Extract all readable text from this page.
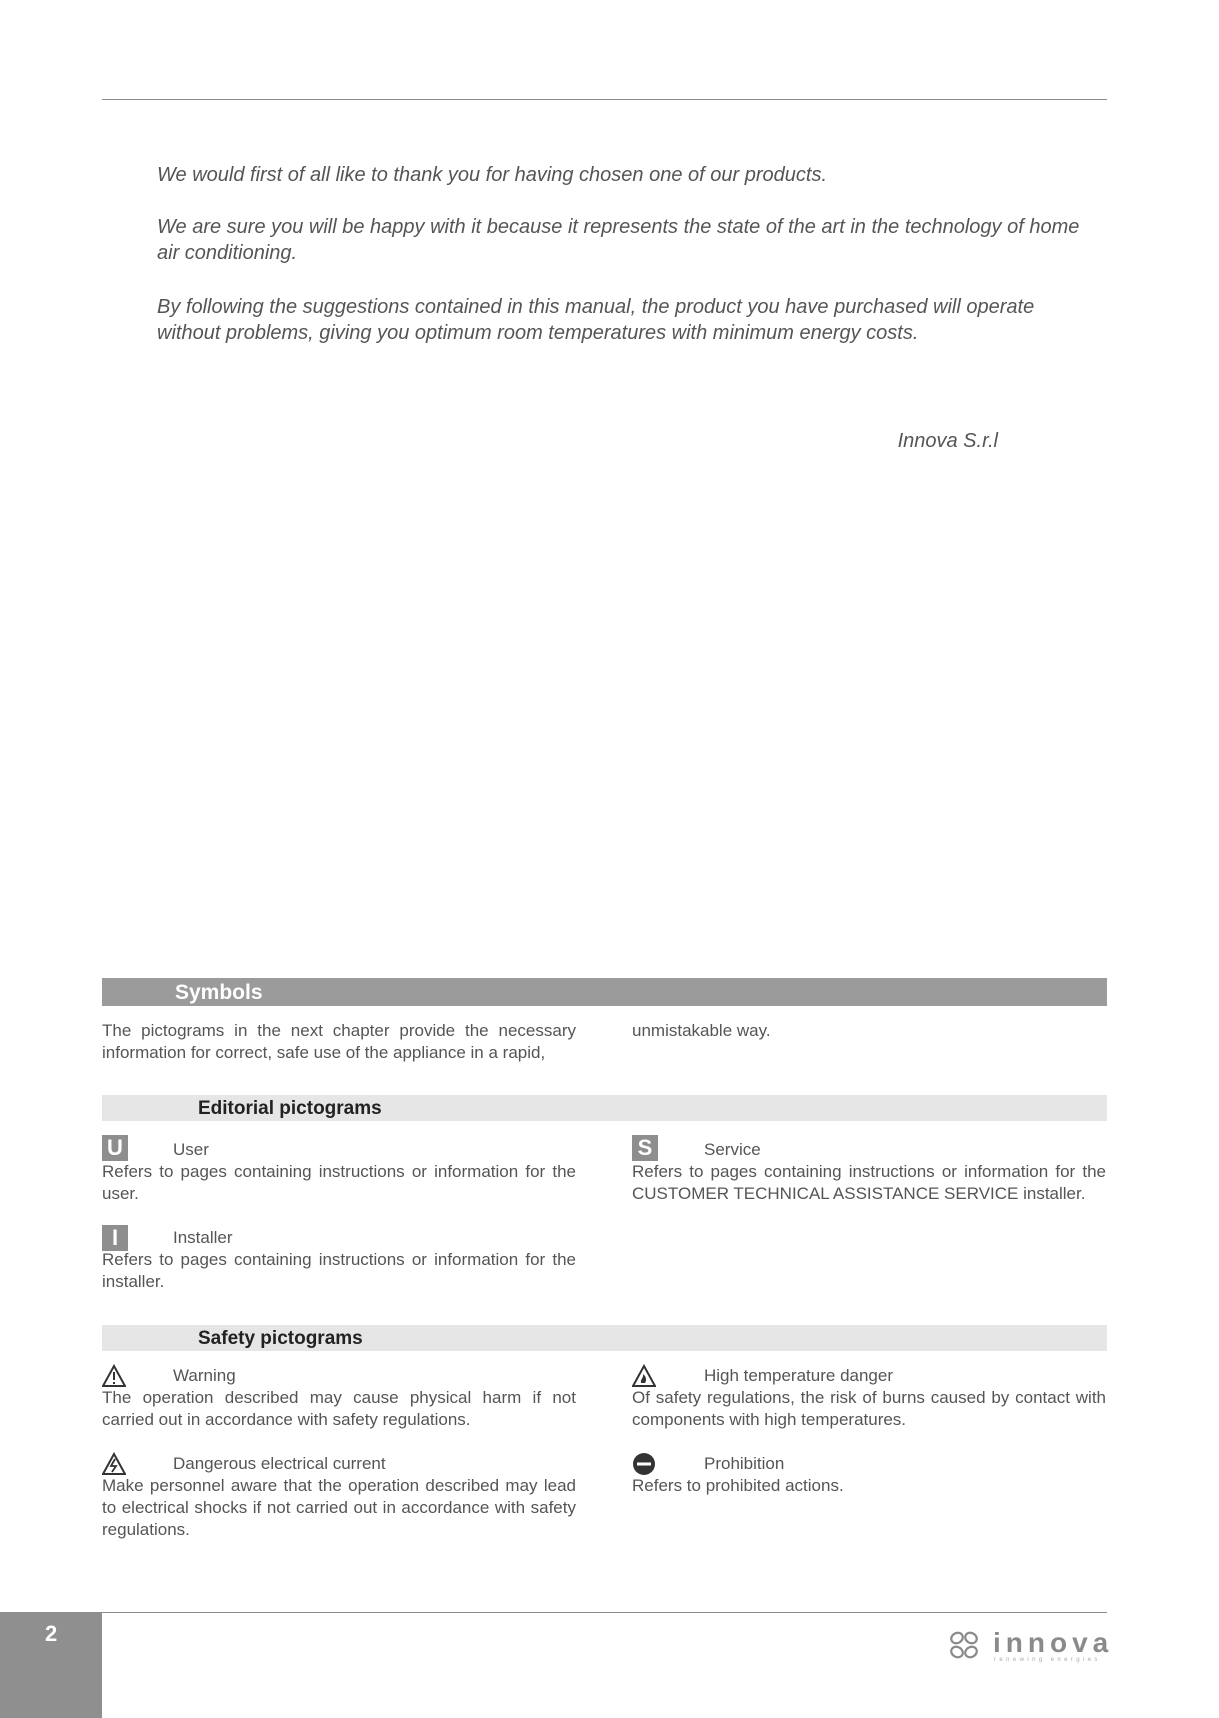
We would first of all like to thank you for having chosen one of our products.

We are sure you will be happy with it because it represents the state of the art in the technology of home air conditioning.

By following the suggestions contained in this manual, the product you have purchased will operate without problems, giving you optimum room temperatures with minimum energy costs.

Innova S.r.l
Symbols

The pictograms in the next chapter provide the necessary information for correct, safe use of the appliance in a rapid,

unmistakable way.

Editorial pictograms
U	User

Refers to pages containing instructions or information for the user.

I	Installer

Refers to pages containing instructions or information for the installer.

S	Service

Refers to pages containing instructions or information for the CUSTOMER TECHNICAL ASSISTANCE SERVICE installer.

Safety pictograms
Warning

The operation described may cause physical harm if not carried out in accordance with safety regulations.

Dangerous electrical current

Make personnel aware that the operation described may lead to electrical shocks if not carried out in accordance with safety regulations.

High temperature danger

Of safety regulations, the risk of burns caused by contact with components with high temperatures.

Prohibition

Refers to prohibited actions.

2	innova
renewing energies
